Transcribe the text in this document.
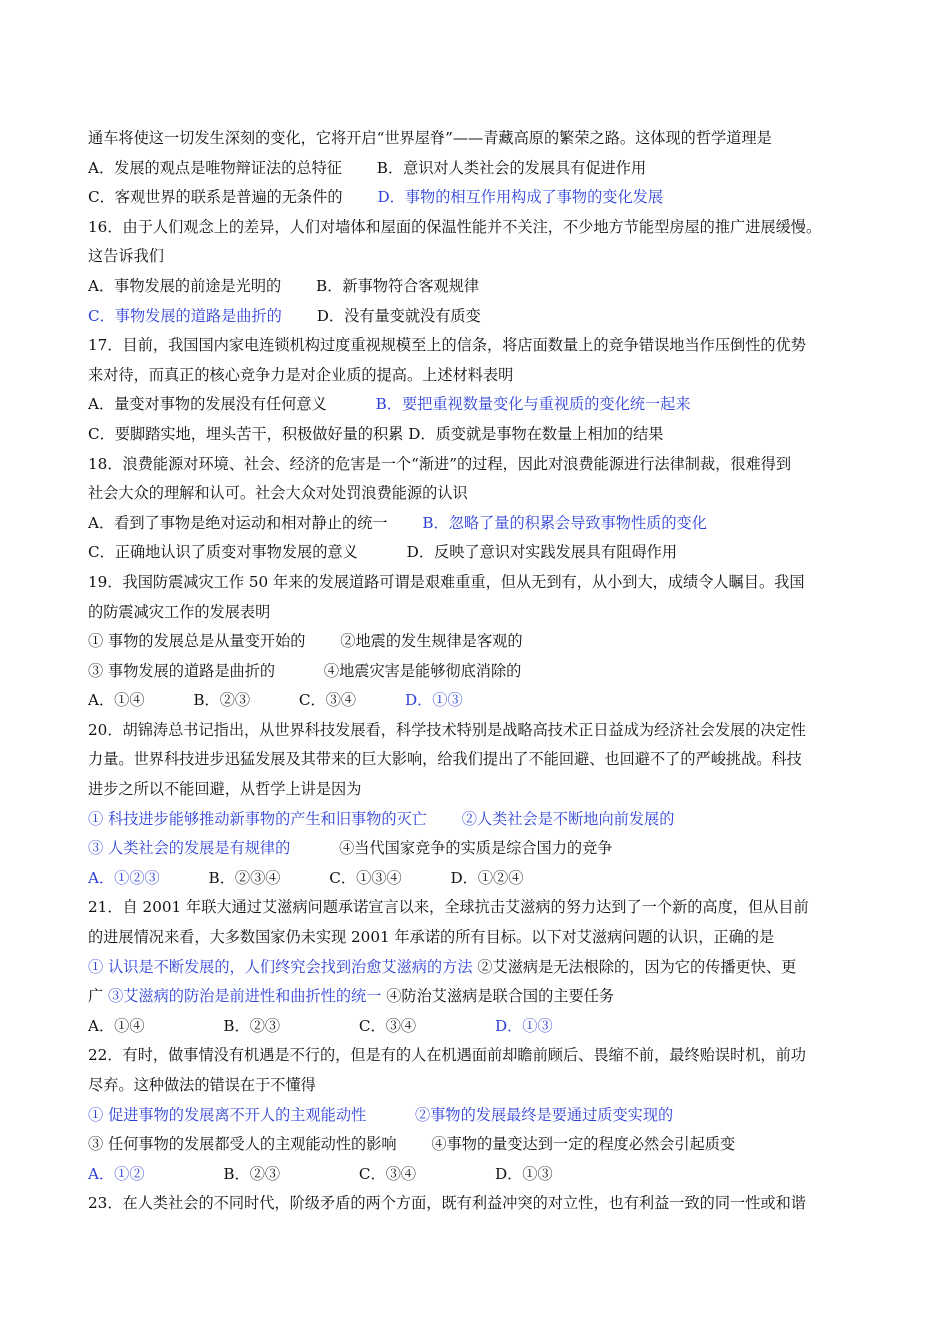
通车将使这一切发生深刻的变化，它将开启“世界屋脊”——青藏高原的繁荣之路。这体现的哲学道理是
A．发展的观点是唯物辩证法的总特征 B．意识对人类社会的发展具有促进作用
C．客观世界的联系是普遍的无条件的 D．事物的相互作用构成了事物的变化发展
16．由于人们观念上的差异，人们对墙体和屋面的保温性能并不关注，不少地方节能型房屋的推广进展缓慢。
这告诉我们
A．事物发展的前途是光明的 B．新事物符合客观规律
C．事物发展的道路是曲折的 D．没有量变就没有质变
17．目前，我国国内家电连锁机构过度重视规模至上的信条，将店面数量上的竞争错误地当作压倒性的优势
来对待，而真正的核心竞争力是对企业质的提高。上述材料表明
A．量变对事物的发展没有任何意义	B．要把重视数量变化与重视质的变化统一起来
C．要脚踏实地，埋头苦干，积极做好量的积累 D．质变就是事物在数量上相加的结果
18．浪费能源对环境、社会、经济的危害是一个“渐进”的过程，因此对浪费能源进行法律制裁，很难得到
社会大众的理解和认可。社会大众对处罚浪费能源的认识
A．看到了事物是绝对运动和相对静止的统一 B．忽略了量的积累会导致事物性质的变化
C．正确地认识了质变对事物发展的意义	D．反映了意识对实践发展具有阻碍作用
19．我国防震减灾工作 50 年来的发展道路可谓是艰难重重，但从无到有，从小到大，成绩令人瞩目。我国
的防震减灾工作的发展表明
① 事物的发展总是从量变开始的 ②地震的发生规律是客观的
③ 事物发展的道路是曲折的	④地震灾害是能够彻底消除的
A．①④	B．②③	C．③④	D．①③
20．胡锦涛总书记指出，从世界科技发展看，科学技术特别是战略高技术正日益成为经济社会发展的决定性
力量。世界科技进步迅猛发展及其带来的巨大影响，给我们提出了不能回避、也回避不了的严峻挑战。科技
进步之所以不能回避，从哲学上讲是因为
① 科技进步能够推动新事物的产生和旧事物的灭亡 ②人类社会是不断地向前发展的
③ 人类社会的发展是有规律的	④当代国家竞争的实质是综合国力的竞争
A．①②③	B．②③④	C．①③④	D．①②④
21．自 2001 年联大通过艾滋病问题承诺宣言以来，全球抗击艾滋病的努力达到了一个新的高度，但从目前
的进展情况来看，大多数国家仍未实现 2001 年承诺的所有目标。以下对艾滋病问题的认识，正确的是
① 认识是不断发展的，人们终究会找到治愈艾滋病的方法 ②艾滋病是无法根除的，因为它的传播更快、更
广 ③艾滋病的防治是前进性和曲折性的统一 ④防治艾滋病是联合国的主要任务
A．①④	B．②③	C．③④	D．①③
22．有时，做事情没有机遇是不行的，但是有的人在机遇面前却瞻前顾后、畏缩不前，最终贻误时机，前功
尽弃。这种做法的错误在于不懂得
① 促进事物的发展离不开人的主观能动性	②事物的发展最终是要通过质变实现的
③ 任何事物的发展都受人的主观能动性的影响 ④事物的量变达到一定的程度必然会引起质变
A．①②	B．②③	C．③④	D．①③
23．在人类社会的不同时代，阶级矛盾的两个方面，既有利益冲突的对立性，也有利益一致的同一性或和谐
